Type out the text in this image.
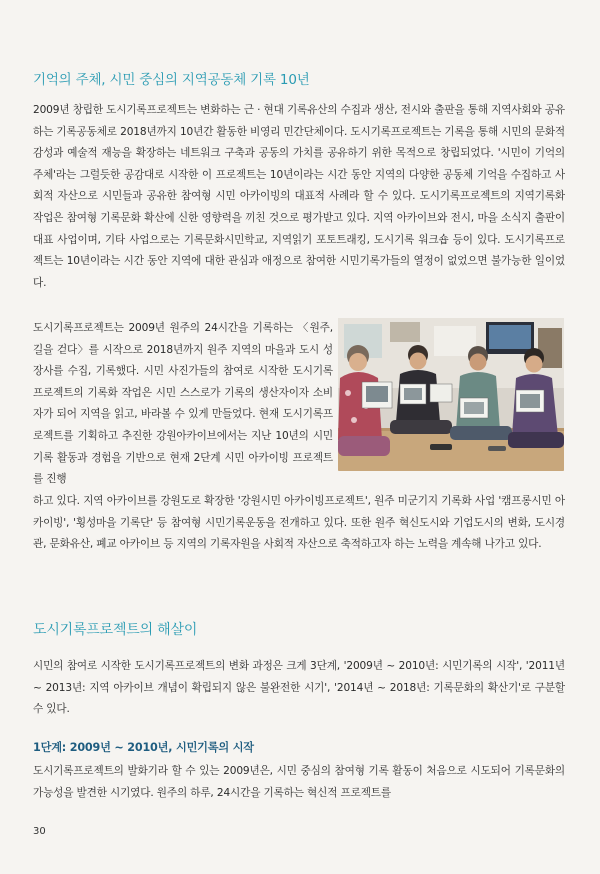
기억의 주체, 시민 중심의 지역공동체 기록 10년

2009년 창립한 도시기록프로젝트는 변화하는 근 · 현대 기록유산의 수집과 생산, 전시와 출판을 통해 지역사회와 공유하는 기록공동체로 2018년까지 10년간 활동한 비영리 민간단체이다. 도시기록프로젝트는 기록을 통해 시민의 문화적 감성과 예술적 재능을 확장하는 네트워크 구축과 공동의 가치를 공유하기 위한 목적으로 창립되었다. '시민이 기억의 주체'라는 그럴듯한 공감대로 시작한 이 프로젝트는 10년이라는 시간 동안 지역의 다양한 공동체 기억을 수집하고 사회적 자산으로 시민들과 공유한 참여형 시민 아카이빙의 대표적 사례라 할 수 있다. 도시기록프로젝트의 지역기록화 작업은 참여형 기록문화 확산에 신한 영향력을 끼친 것으로 평가받고 있다. 지역 아카이브와 전시, 마을 소식지 출판이 대표 사업이며, 기타 사업으로는 기록문화시민학교, 지역읽기 포토트래킹, 도시기록 워크숍 등이 있다. 도시기록프로젝트는 10년이라는 시간 동안 지역에 대한 관심과 애정으로 참여한 시민기록가들의 열정이 없었으면 불가능한 일이었다.

도시기록프로젝트는 2009년 원주의 24시간을 기록하는 〈원주, 길을 걷다〉를 시작으로 2018년까지 원주 지역의 마을과 도시 성장사를 수집, 기록했다. 시민 사진가들의 참여로 시작한 도시기록프로젝트의 기록화 작업은 시민 스스로가 기록의 생산자이자 소비자가 되어 지역을 읽고, 바라볼 수 있게 만들었다. 현재 도시기록프로젝트를 기획하고 추진한 강원아카이브에서는 지난 10년의 시민기록 활동과 경험을 기반으로 현재 2단계 시민 아카이빙 프로젝트를 진행

하고 있다. 지역 아카이브를 강원도로 확장한 '강원시민 아카이빙프로젝트', 원주 미군기지 기록화 사업 '캠프롱시민 아카이빙', '횡성마을 기록단' 등 참여형 시민기록운동을 전개하고 있다. 또한 원주 혁신도시와 기업도시의 변화, 도시경관, 문화유산, 폐교 아카이브 등 지역의 기록자원을 사회적 자산으로 축적하고자 하는 노력을 계속해 나가고 있다.

도시기록프로젝트의 해살이

시민의 참여로 시작한 도시기록프로젝트의 변화 과정은 크게 3단계, '2009년 ~ 2010년: 시민기록의 시작', '2011년 ~ 2013년: 지역 아카이브 개념이 확립되지 않은 불완전한 시기', '2014년 ~ 2018년: 기록문화의 확산기'로 구분할 수 있다.

1단계: 2009년 ~ 2010년, 시민기록의 시작

도시기록프로젝트의 발화기라 할 수 있는 2009년은, 시민 중심의 참여형 기록 활동이 처음으로 시도되어 기록문화의 가능성을 발견한 시기였다. 원주의 하루, 24시간을 기록하는 혁신적 프로젝트를

30
